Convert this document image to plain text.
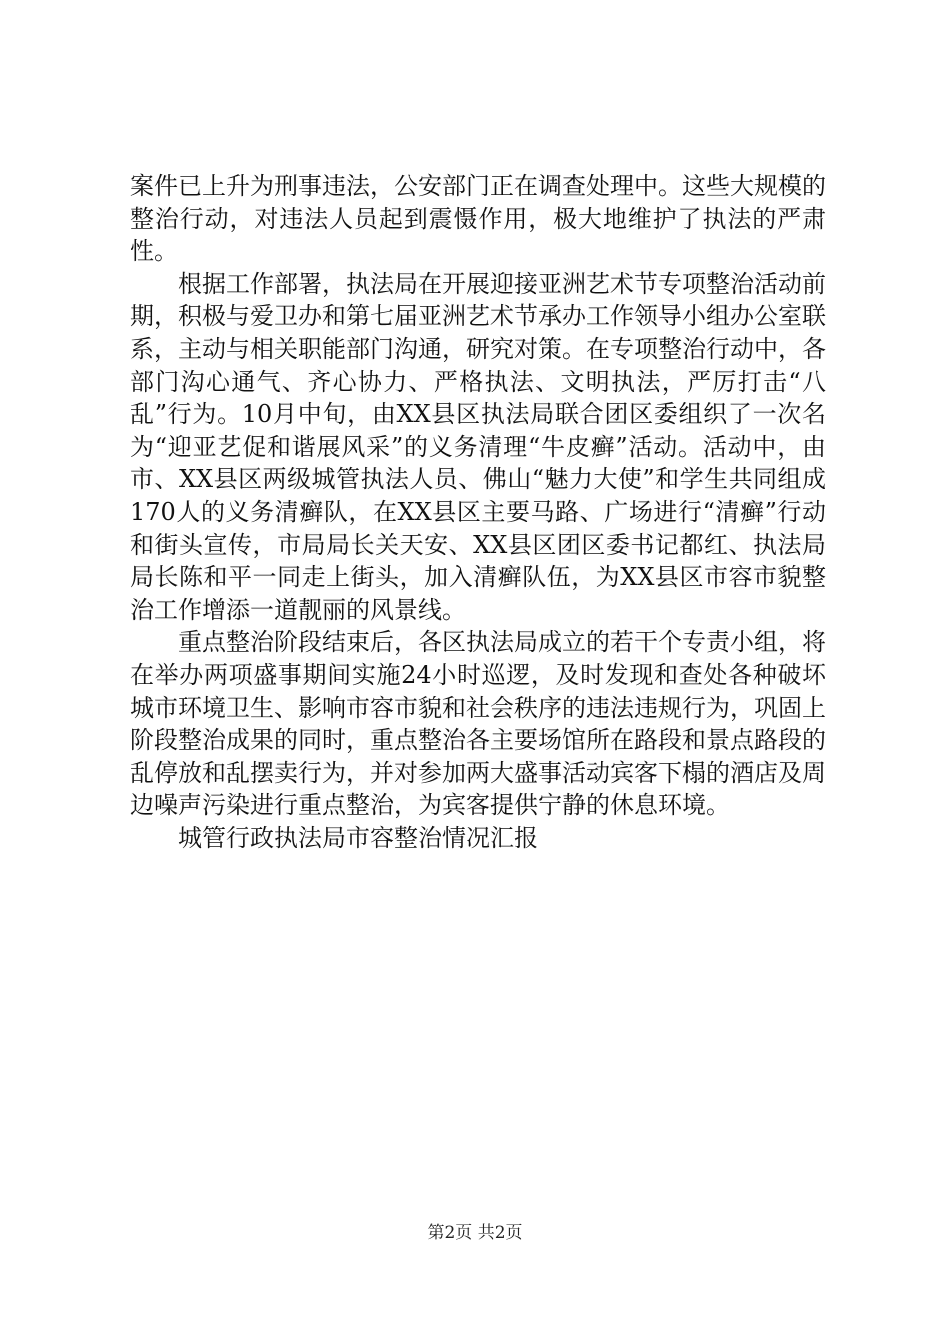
案件已上升为刑事违法，公安部门正在调查处理中。这些大规模的整治行动，对违法人员起到震慑作用，极大地维护了执法的严肃性。

根据工作部署，执法局在开展迎接亚洲艺术节专项整治活动前期，积极与爱卫办和第七届亚洲艺术节承办工作领导小组办公室联系，主动与相关职能部门沟通，研究对策。在专项整治行动中，各部门沟心通气、齐心协力、严格执法、文明执法，严厉打击“八乱”行为。10月中旬，由XX县区执法局联合团区委组织了一次名为“迎亚艺促和谐展风采”的义务清理“牛皮癣”活动。活动中，由市、XX县区两级城管执法人员、佛山“魅力大使”和学生共同组成170人的义务清癣队，在XX县区主要马路、广场进行“清癣”行动和街头宣传，市局局长关天安、XX县区团区委书记都红、执法局局长陈和平一同走上街头，加入清癣队伍，为XX县区市容市貌整治工作增添一道靓丽的风景线。

重点整治阶段结束后，各区执法局成立的若干个专责小组，将在举办两项盛事期间实施24小时巡逻，及时发现和查处各种破坏城市环境卫生、影响市容市貌和社会秩序的违法违规行为，巩固上阶段整治成果的同时，重点整治各主要场馆所在路段和景点路段的乱停放和乱摆卖行为，并对参加两大盛事活动宾客下榻的酒店及周边噪声污染进行重点整治，为宾客提供宁静的休息环境。

城管行政执法局市容整治情况汇报

第2页 共2页
